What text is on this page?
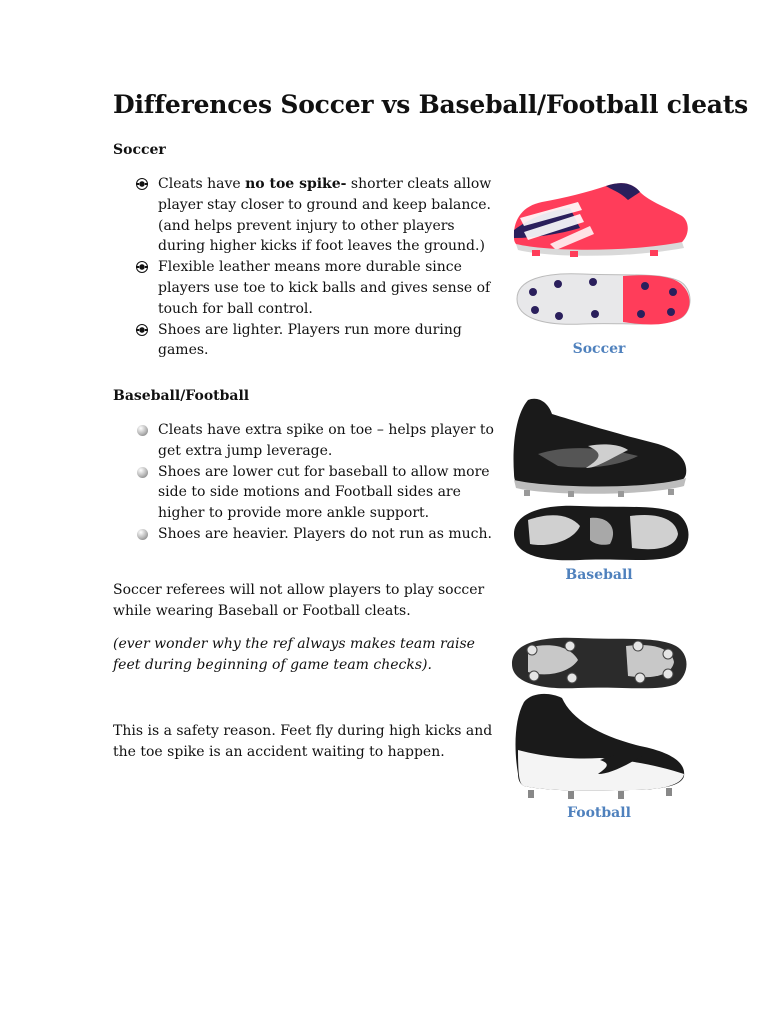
Differences Soccer vs Baseball/Football cleats
Soccer
Cleats have no toe spike- shorter cleats allow player stay closer to ground and keep balance. (and helps prevent injury to other players during higher kicks if foot leaves the ground.)
Flexible leather means more durable since players use toe to kick balls and gives sense of touch for ball control.
Shoes are lighter. Players run more during games.
Baseball/Football
Cleats have extra spike on toe – helps player to get extra jump leverage.
Shoes are lower cut for baseball to allow more side to side motions and Football sides are higher to provide more ankle support.
Shoes are heavier. Players do not run as much.
Soccer referees will not allow players to play soccer while wearing Baseball or Football cleats.
(ever wonder why the ref always makes team raise feet during beginning of game team checks).
This is a safety reason. Feet fly during high kicks and the toe spike is an accident waiting to happen.
Soccer
Baseball
Football
